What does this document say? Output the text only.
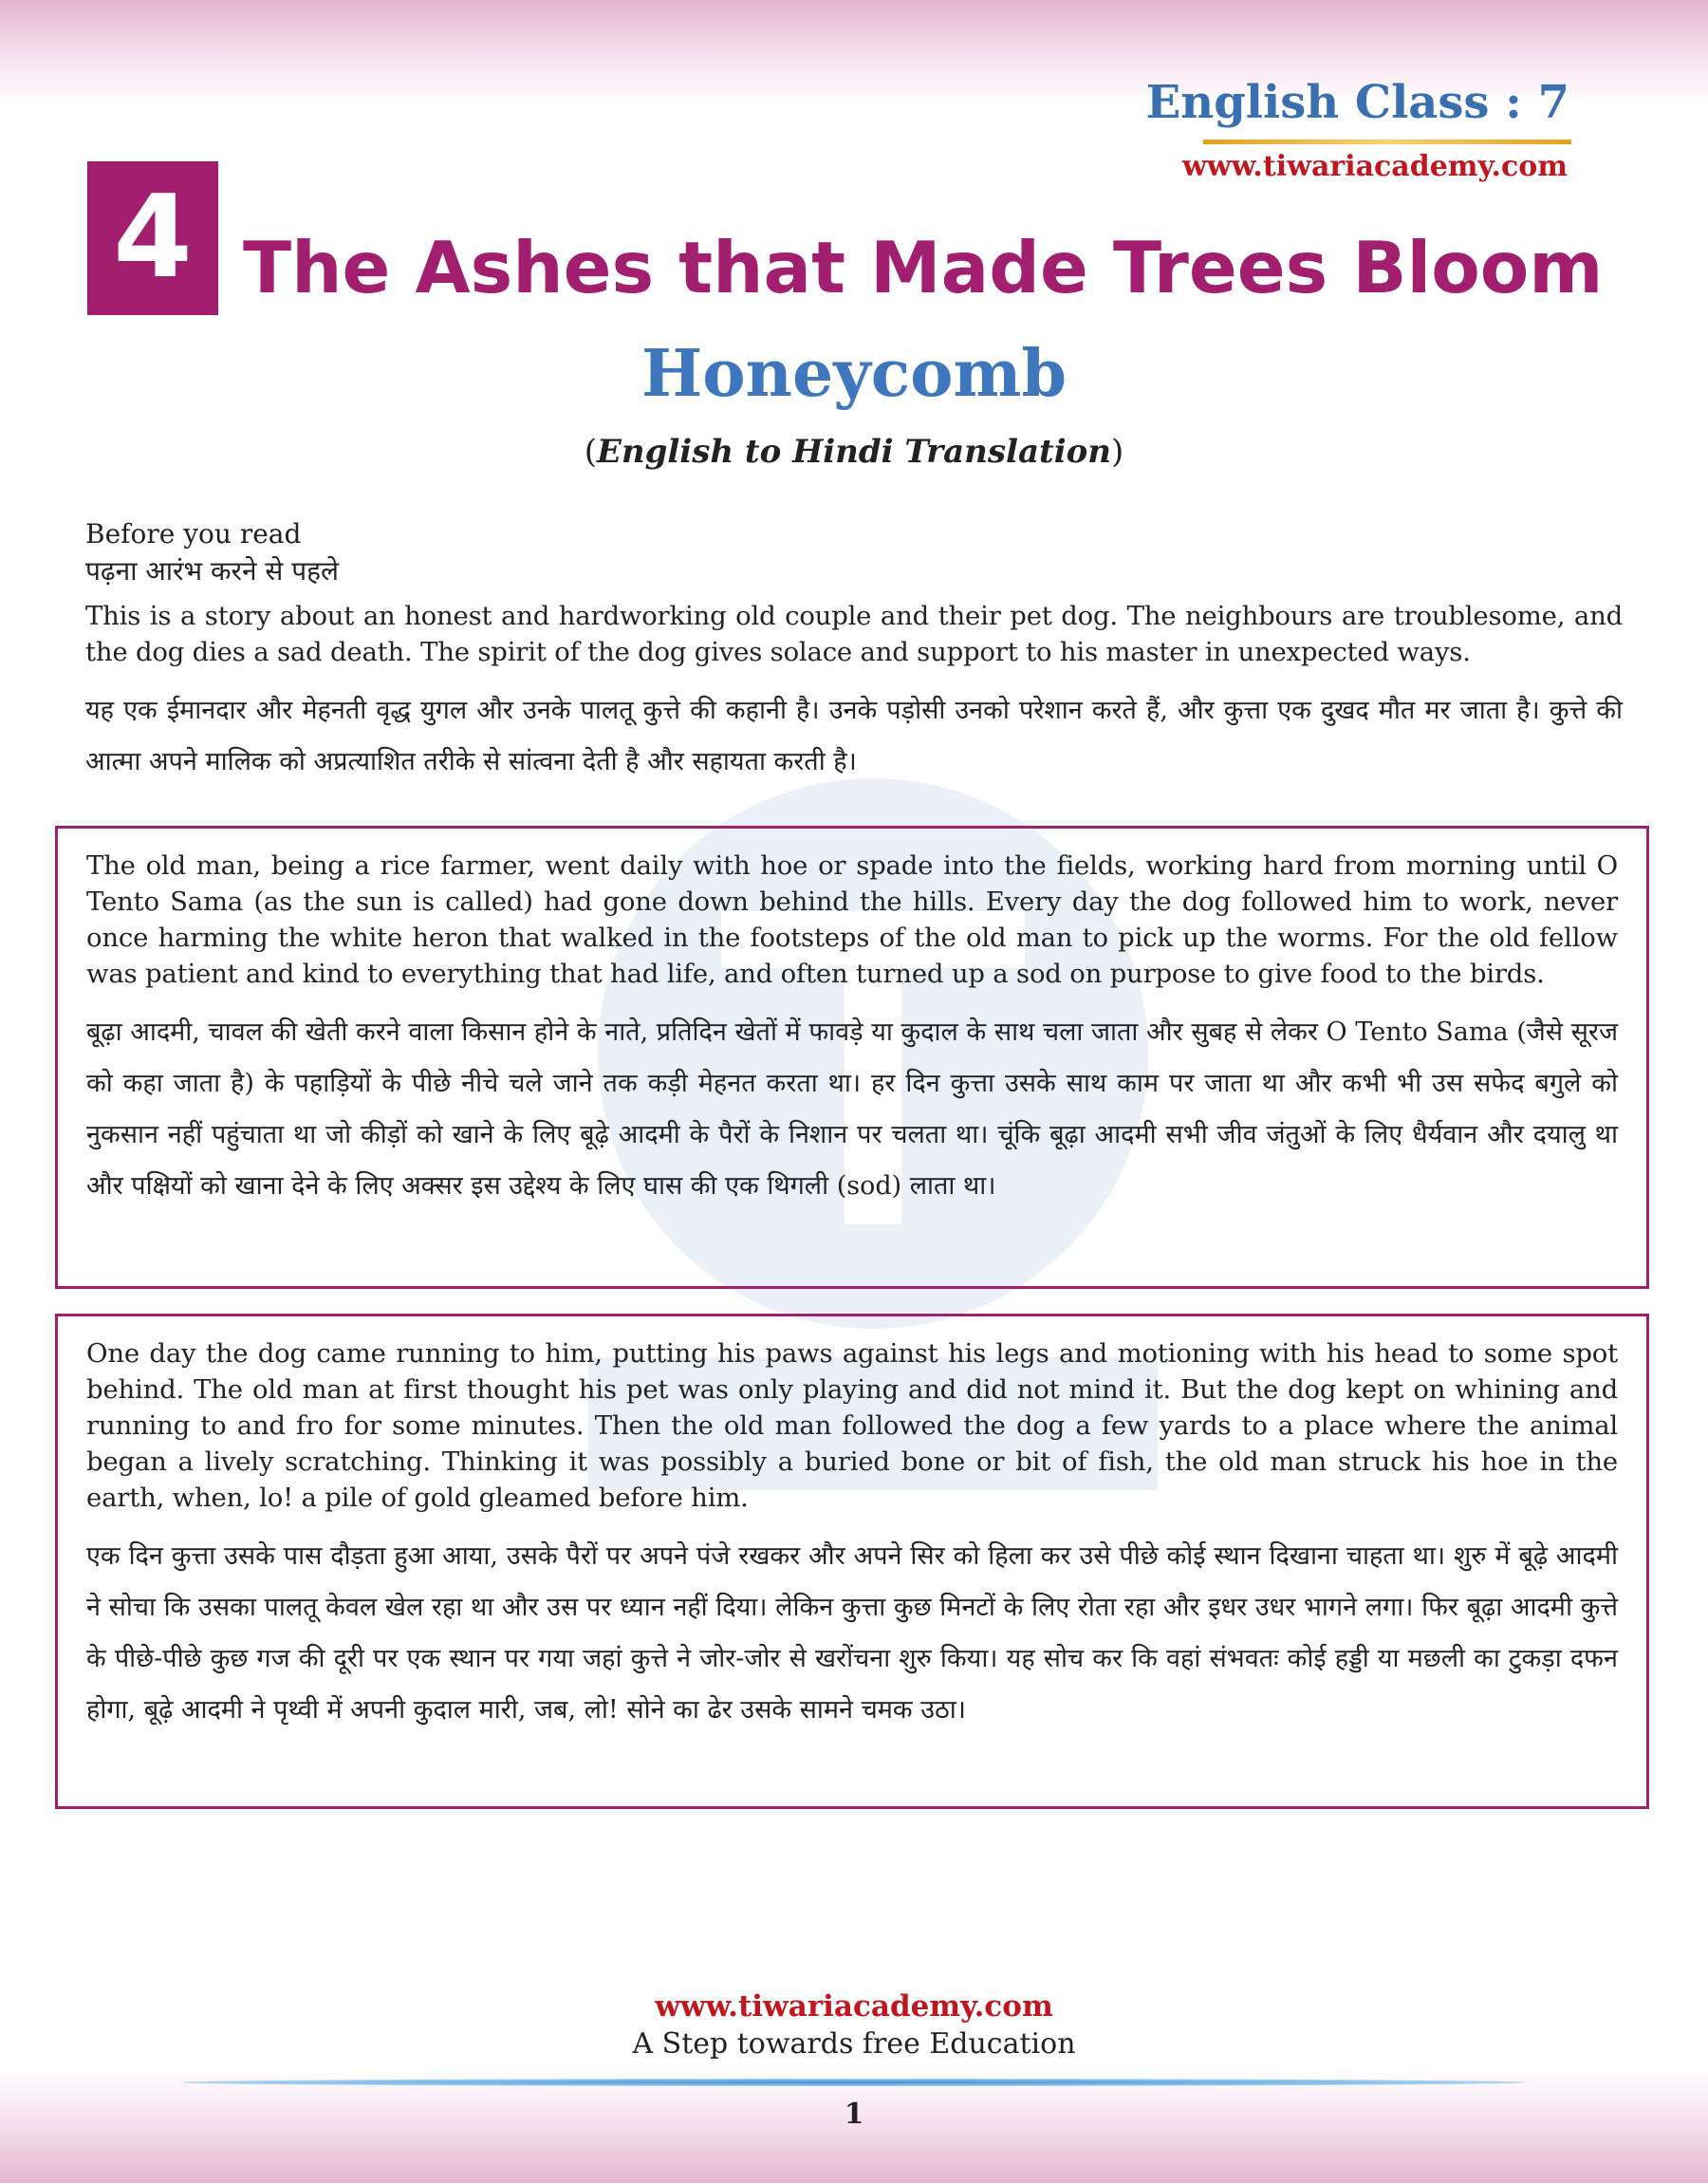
English Class : 7
www.tiwariacademy.com
4 The Ashes that Made Trees Bloom
Honeycomb
(English to Hindi Translation)

Before you read

पढ़ना आरंभ करने से पहले

This is a story about an honest and hardworking old couple and their pet dog. The neighbours are troublesome, and the dog dies a sad death. The spirit of the dog gives solace and support to his master in unexpected ways.

यह एक ईमानदार और मेहनती वृद्ध युगल और उनके पालतू कुत्ते की कहानी है। उनके पड़ोसी उनको परेशान करते हैं, और कुत्ता एक दुखद मौत मर जाता है। कुत्ते की आत्मा अपने मालिक को अप्रत्याशित तरीके से सांत्वना देती है और सहायता करती है।

The old man, being a rice farmer, went daily with hoe or spade into the fields, working hard from morning until O Tento Sama (as the sun is called) had gone down behind the hills. Every day the dog followed him to work, never once harming the white heron that walked in the footsteps of the old man to pick up the worms. For the old fellow was patient and kind to everything that had life, and often turned up a sod on purpose to give food to the birds.

बूढ़ा आदमी, चावल की खेती करने वाला किसान होने के नाते, प्रतिदिन खेतों में फावड़े या कुदाल के साथ चला जाता और सुबह से लेकर O Tento Sama (जैसे सूरज को कहा जाता है) के पहाड़ियों के पीछे नीचे चले जाने तक कड़ी मेहनत करता था। हर दिन कुत्ता उसके साथ काम पर जाता था और कभी भी उस सफेद बगुले को नुकसान नहीं पहुंचाता था जो कीड़ों को खाने के लिए बूढ़े आदमी के पैरों के निशान पर चलता था। चूंकि बूढ़ा आदमी सभी जीव जंतुओं के लिए धैर्यवान और दयालु था और पक्षियों को खाना देने के लिए अक्सर इस उद्देश्य के लिए घास की एक थिगली (sod) लाता था।

One day the dog came running to him, putting his paws against his legs and motioning with his head to some spot behind. The old man at first thought his pet was only playing and did not mind it. But the dog kept on whining and running to and fro for some minutes. Then the old man followed the dog a few yards to a place where the animal began a lively scratching. Thinking it was possibly a buried bone or bit of fish, the old man struck his hoe in the earth, when, lo! a pile of gold gleamed before him.

एक दिन कुत्ता उसके पास दौड़ता हुआ आया, उसके पैरों पर अपने पंजे रखकर और अपने सिर को हिला कर उसे पीछे कोई स्थान दिखाना चाहता था। शुरु में बूढ़े आदमी ने सोचा कि उसका पालतू केवल खेल रहा था और उस पर ध्यान नहीं दिया। लेकिन कुत्ता कुछ मिनटों के लिए रोता रहा और इधर उधर भागने लगा। फिर बूढ़ा आदमी कुत्ते के पीछे-पीछे कुछ गज की दूरी पर एक स्थान पर गया जहां कुत्ते ने जोर-जोर से खरोंचना शुरु किया। यह सोच कर कि वहां संभवतः कोई हड्डी या मछली का टुकड़ा दफन होगा, बूढ़े आदमी ने पृथ्वी में अपनी कुदाल मारी, जब, लो! सोने का ढेर उसके सामने चमक उठा।

www.tiwariacademy.com
A Step towards free Education
1
